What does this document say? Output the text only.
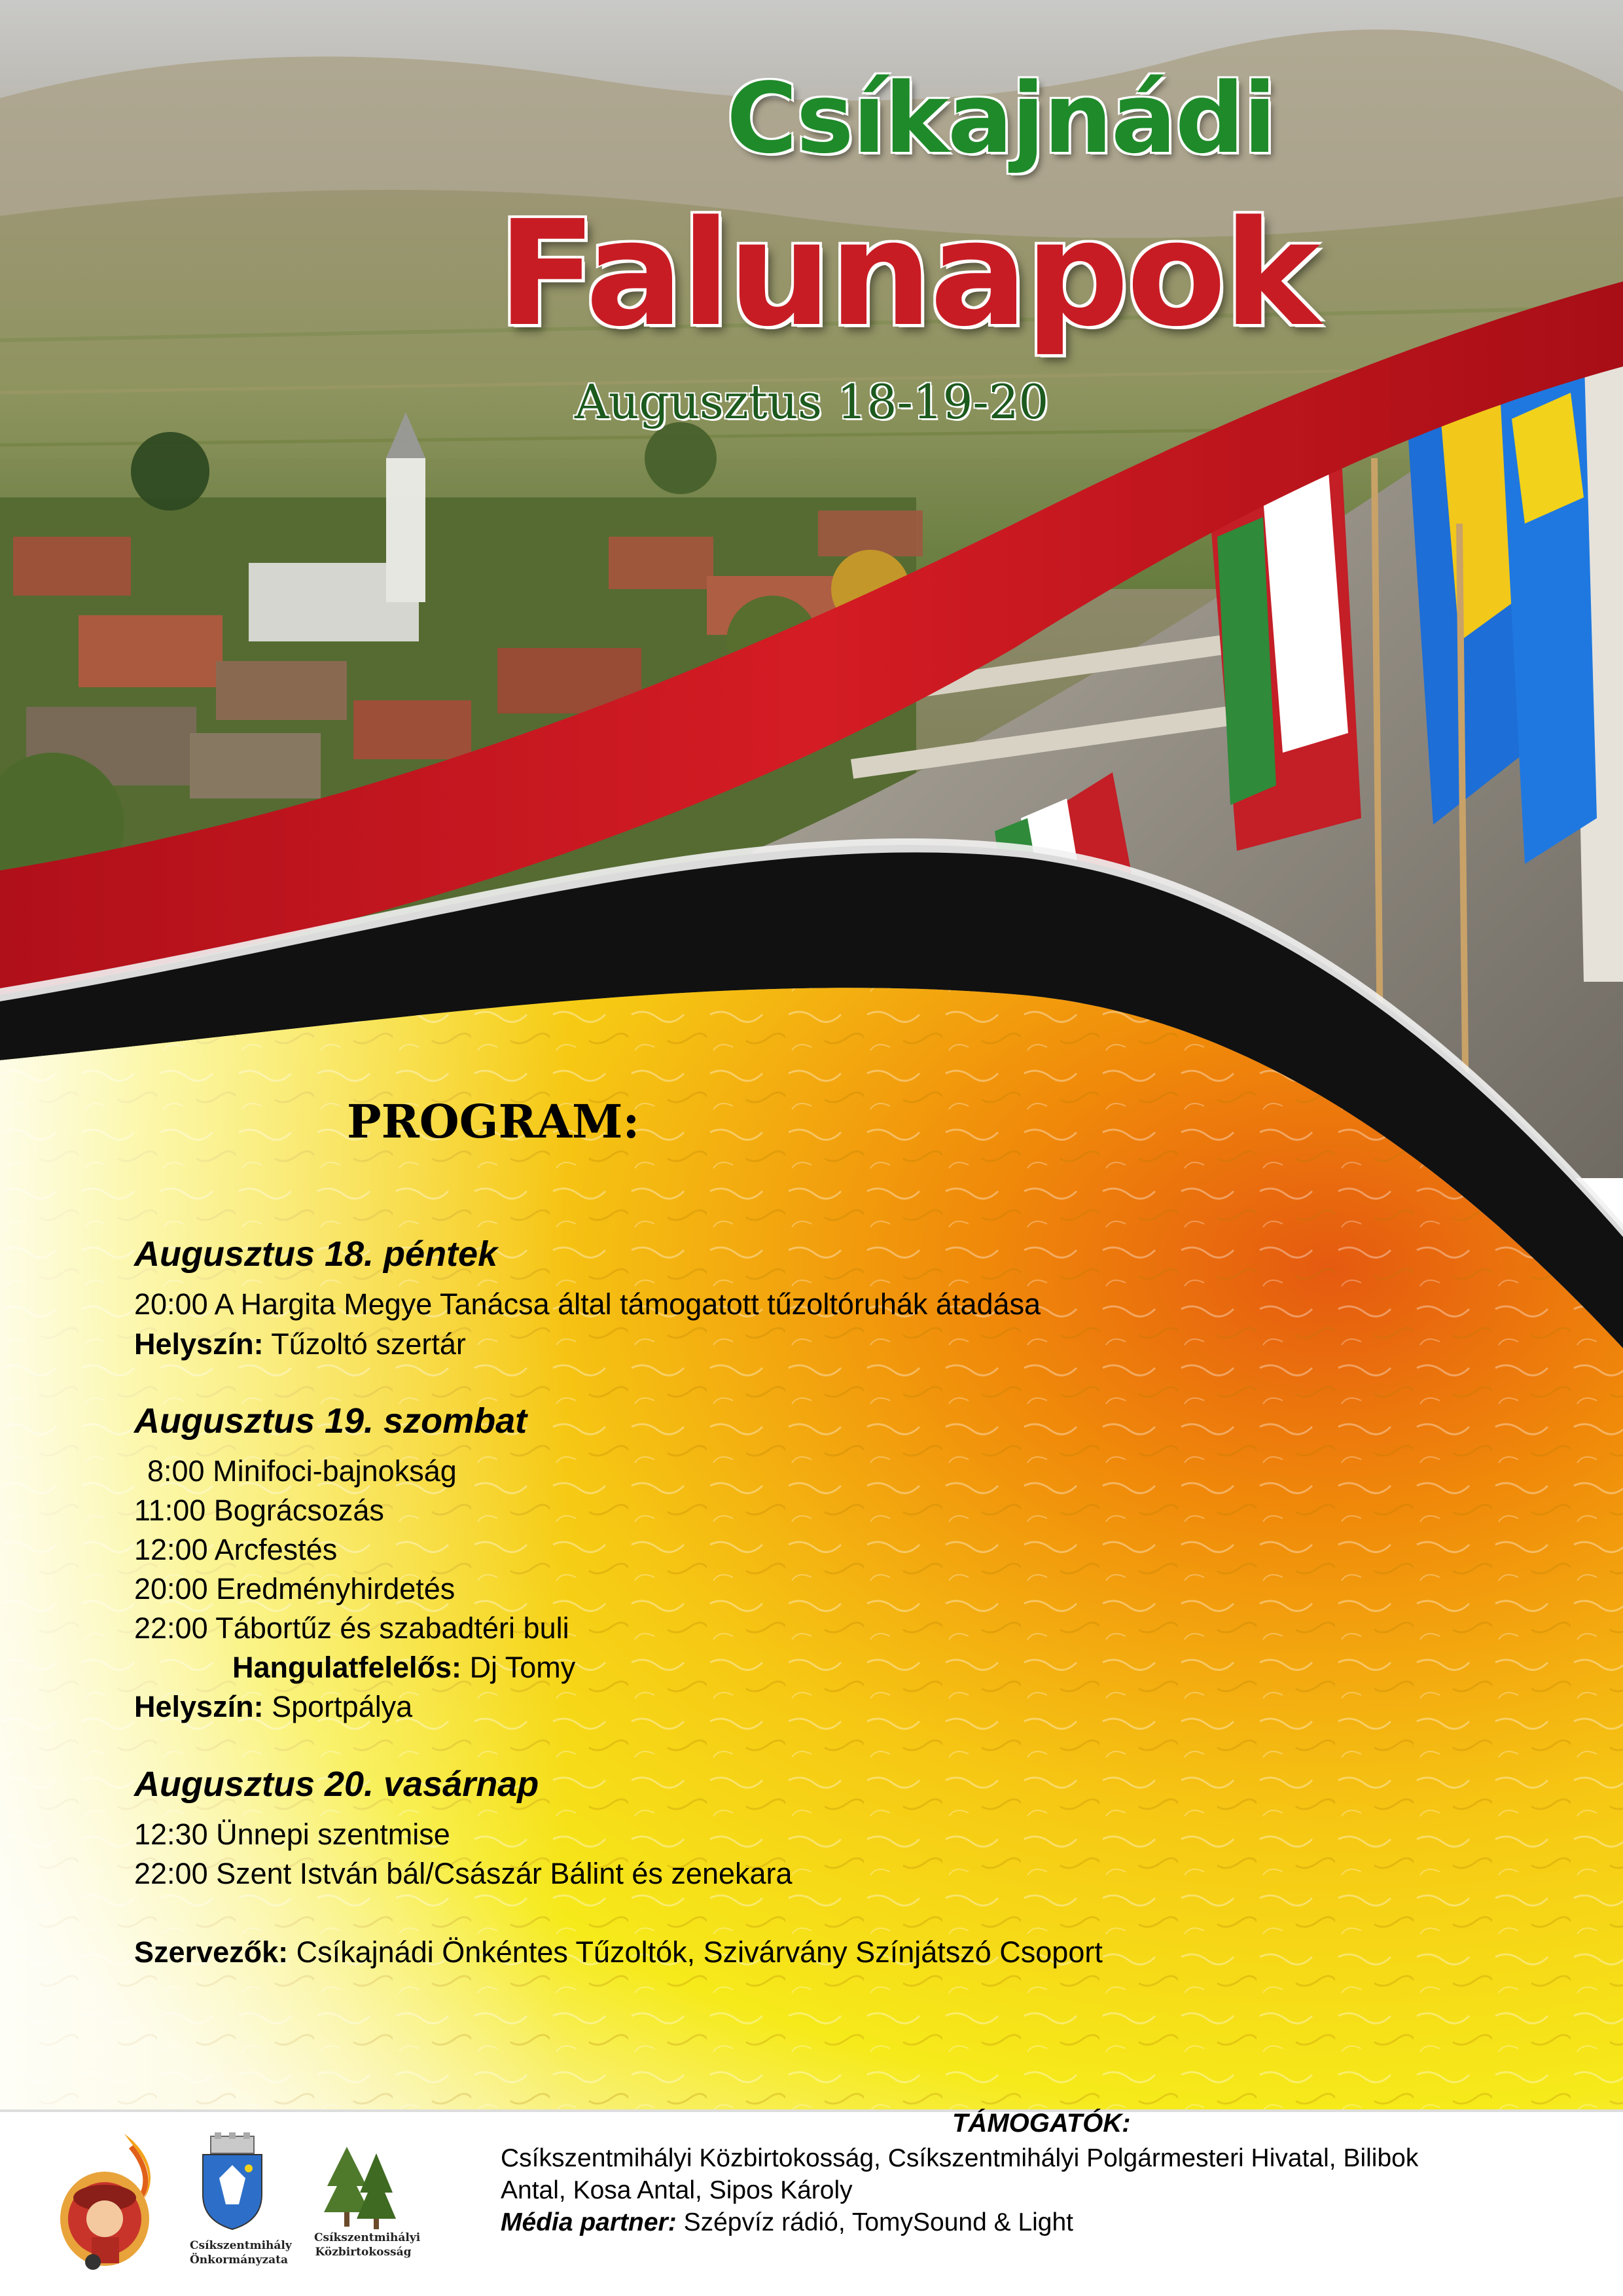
Csíkajnádi
Falunapok
Augusztus 18-19-20
PROGRAM:
Augusztus 18. péntek
20:00 A Hargita Megye Tanácsa által támogatott tűzoltóruhák átadása
Helyszín: Tűzoltó szertár
Augusztus 19. szombat
8:00 Minifoci-bajnokság
11:00 Bográcsozás
12:00 Arcfestés
20:00 Eredményhirdetés
22:00 Tábortűz és szabadtéri buli
Hangulatfelelős: Dj Tomy
Helyszín: Sportpálya
Augusztus 20. vasárnap
12:30 Ünnepi szentmise
22:00 Szent István bál/Császár Bálint és zenekara
Szervezők: Csíkajnádi Önkéntes Tűzoltók, Szivárvány Színjátszó Csoport
Csíkszentmihály
Önkormányzata
Csíkszentmihályi
Közbirtokosság
TÁMOGATÓK:
Csíkszentmihályi Közbirtokosság, Csíkszentmihályi Polgármesteri Hivatal, Bilibok
Antal, Kosa Antal, Sipos Károly
Média partner: Szépvíz rádió, TomySound & Light
